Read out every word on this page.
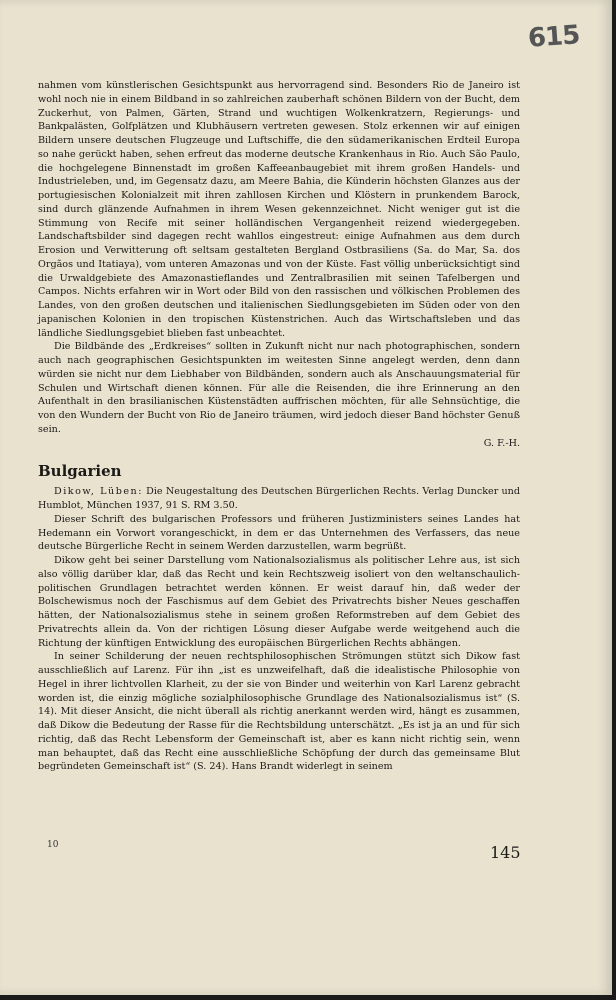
615

nahmen vom künstlerischen Gesichtspunkt aus hervorragend sind. Besonders Rio de Janeiro ist wohl noch nie in einem Bildband in so zahlreichen zauberhaft schönen Bildern von der Bucht, dem Zuckerhut, von Palmen, Gärten, Strand und wuchtigen Wolkenkratzern, Regierungs- und Bankpalästen, Golfplätzen und Klubhäusern vertreten gewesen. Stolz erkennen wir auf einigen Bildern unsere deutschen Flugzeuge und Luftschiffe, die den südamerikanischen Erdteil Europa so nahe gerückt haben, sehen erfreut das moderne deutsche Krankenhaus in Rio. Auch São Paulo, die hochgelegene Binnenstadt im großen Kaffeeanbaugebiet mit ihrem großen Handels- und Industrieleben, und, im Gegensatz dazu, am Meere Bahia, die Künderin höchsten Glanzes aus der portugiesischen Kolonialzeit mit ihren zahllosen Kirchen und Klöstern in prunkendem Barock, sind durch glänzende Aufnahmen in ihrem Wesen gekennzeichnet. Nicht weniger gut ist die Stimmung von Recife mit seiner holländischen Vergangenheit reizend wiedergegeben. Landschaftsbilder sind dagegen recht wahllos eingestreut: einige Aufnahmen aus dem durch Erosion und Verwitterung oft seltsam gestalteten Bergland Ostbrasiliens (Sa. do Mar, Sa. dos Orgãos und Itatiaya), vom unteren Amazonas und von der Küste. Fast völlig unberücksichtigt sind die Urwaldgebiete des Amazonastieflandes und Zentralbrasilien mit seinen Tafelbergen und Campos. Nichts erfahren wir in Wort oder Bild von den rassischen und völkischen Problemen des Landes, von den großen deutschen und italienischen Siedlungsgebieten im Süden oder von den japanischen Kolonien in den tropischen Küstenstrichen. Auch das Wirtschaftsleben und das ländliche Siedlungsgebiet blieben fast unbeachtet.

Die Bildbände des „Erdkreises“ sollten in Zukunft nicht nur nach photographischen, sondern auch nach geographischen Gesichtspunkten im weitesten Sinne angelegt werden, denn dann würden sie nicht nur dem Liebhaber von Bildbänden, sondern auch als Anschauungsmaterial für Schulen und Wirtschaft dienen können. Für alle die Reisenden, die ihre Erinnerung an den Aufenthalt in den brasilianischen Küstenstädten auffrischen möchten, für alle Sehnsüchtige, die von den Wundern der Bucht von Rio de Janeiro träumen, wird jedoch dieser Band höchster Genuß sein.
G. F.-H.

Bulgarien

Dikow, Lüben: Die Neugestaltung des Deutschen Bürgerlichen Rechts. Verlag Duncker und Humblot, München 1937, 91 S. RM 3.50.

Dieser Schrift des bulgarischen Professors und früheren Justizministers seines Landes hat Hedemann ein Vorwort vorangeschickt, in dem er das Unternehmen des Verfassers, das neue deutsche Bürgerliche Recht in seinem Werden darzustellen, warm begrüßt.

Dikow geht bei seiner Darstellung vom Nationalsozialismus als politischer Lehre aus, ist sich also völlig darüber klar, daß das Recht und kein Rechtszweig isoliert von den weltanschaulich-politischen Grundlagen betrachtet werden können. Er weist darauf hin, daß weder der Bolschewismus noch der Faschismus auf dem Gebiet des Privatrechts bisher Neues geschaffen hätten, der Nationalsozialismus stehe in seinem großen Reformstreben auf dem Gebiet des Privatrechts allein da. Von der richtigen Lösung dieser Aufgabe werde weitgehend auch die Richtung der künftigen Entwicklung des europäischen Bürgerlichen Rechts abhängen.

In seiner Schilderung der neuen rechtsphilosophischen Strömungen stützt sich Dikow fast ausschließlich auf Larenz. Für ihn „ist es unzweifelhaft, daß die idealistische Philosophie von Hegel in ihrer lichtvollen Klarheit, zu der sie von Binder und weiterhin von Karl Larenz gebracht worden ist, die einzig mögliche sozialphilosophische Grundlage des Nationalsozialismus ist“ (S. 14). Mit dieser Ansicht, die nicht überall als richtig anerkannt werden wird, hängt es zusammen, daß Dikow die Bedeutung der Rasse für die Rechtsbildung unterschätzt. „Es ist ja an und für sich richtig, daß das Recht Lebensform der Gemeinschaft ist, aber es kann nicht richtig sein, wenn man behauptet, daß das Recht eine ausschließliche Schöpfung der durch das gemeinsame Blut begründeten Gemeinschaft ist“ (S. 24). Hans Brandt widerlegt in seinem

10	145
